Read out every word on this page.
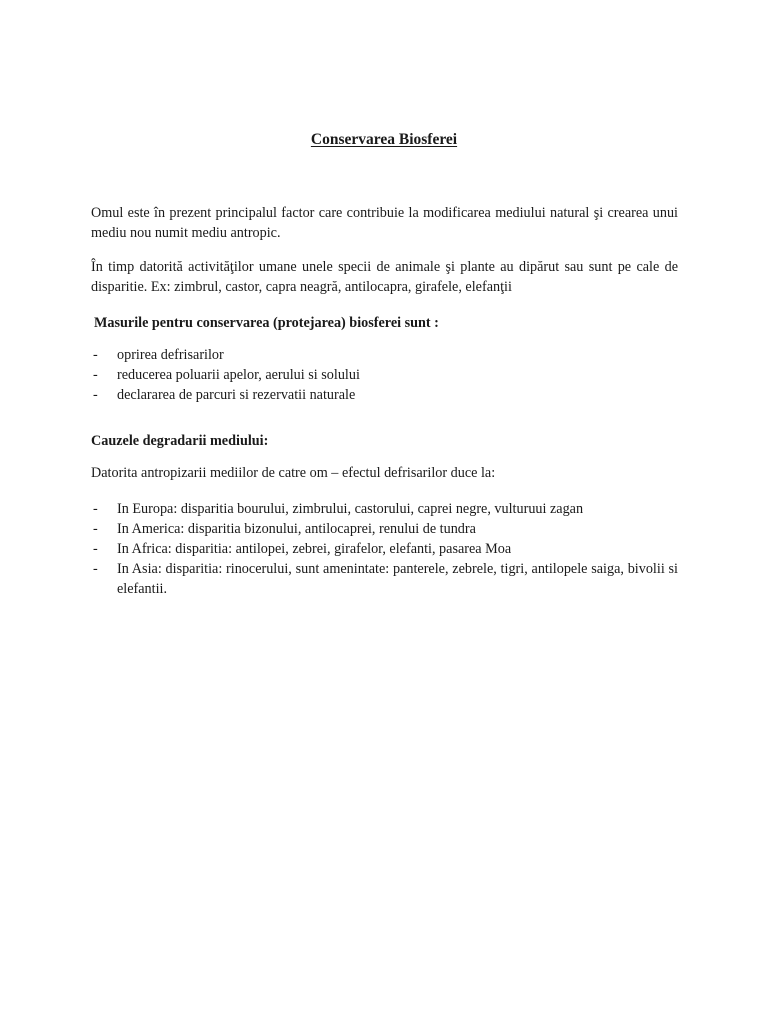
Conservarea Biosferei
Omul este în prezent principalul factor care contribuie la modificarea mediului natural şi crearea unui mediu nou numit mediu antropic.
În timp datorită activităţilor umane unele specii de animale şi plante au dipărut sau sunt pe cale de disparitie. Ex: zimbrul, castor, capra neagră, antilocapra, girafele, elefanţii
Masurile pentru conservarea (protejarea) biosferei sunt :
- oprirea defrisarilor
- reducerea poluarii apelor, aerului si solului
- declararea de parcuri si rezervatii naturale
Cauzele degradarii mediului:
Datorita antropizarii mediilor de catre om – efectul defrisarilor duce la:
- In Europa: disparitia bourului, zimbrului, castorului, caprei negre, vulturuui zagan
- In America: disparitia bizonului, antilocaprei, renului de tundra
- In Africa: disparitia: antilopei, zebrei, girafelor, elefanti, pasarea Moa
- In Asia: disparitia: rinocerului, sunt amenintate: panterele, zebrele, tigri, antilopele saiga, bivolii si elefantii.
